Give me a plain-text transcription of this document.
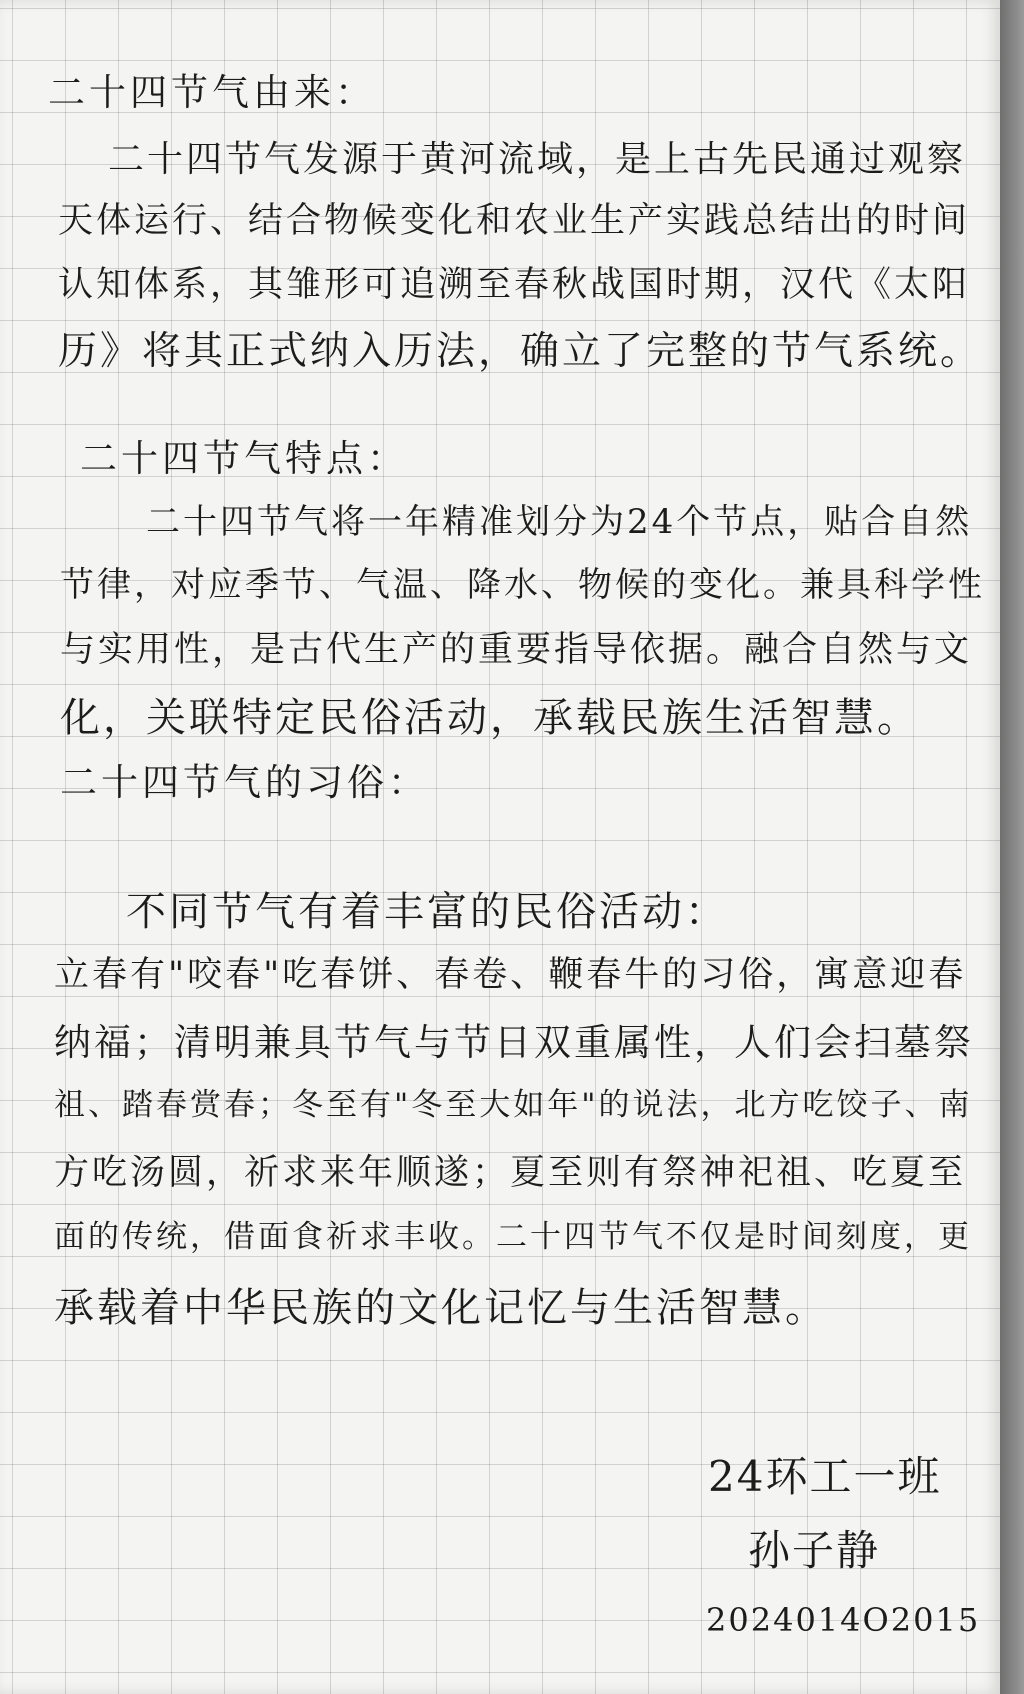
二十四节气由来：
二十四节气发源于黄河流域，是上古先民通过观察
天体运行、结合物候变化和农业生产实践总结出的时间
认知体系，其雏形可追溯至春秋战国时期，汉代《太阳
历》将其正式纳入历法，确立了完整的节气系统。
二十四节气特点：
二十四节气将一年精准划分为24个节点，贴合自然
节律，对应季节、气温、降水、物候的变化。兼具科学性
与实用性，是古代生产的重要指导依据。融合自然与文
化，关联特定民俗活动，承载民族生活智慧。
二十四节气的习俗：
不同节气有着丰富的民俗活动：
立春有"咬春"吃春饼、春卷、鞭春牛的习俗，寓意迎春
纳福；清明兼具节气与节日双重属性，人们会扫墓祭
祖、踏春赏春；冬至有"冬至大如年"的说法，北方吃饺子、南
方吃汤圆，祈求来年顺遂；夏至则有祭神祀祖、吃夏至
面的传统，借面食祈求丰收。二十四节气不仅是时间刻度，更
承载着中华民族的文化记忆与生活智慧。
24环工一班
孙子静
2024014O2015
